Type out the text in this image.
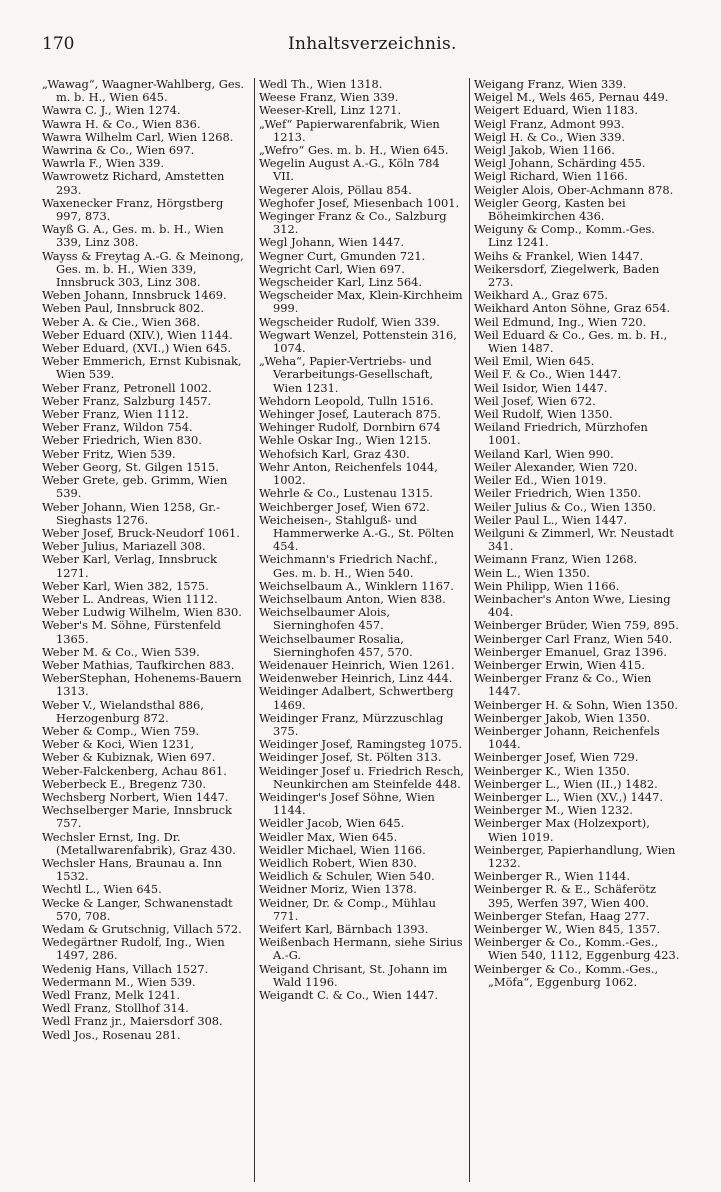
170	Inhaltsverzeichnis.
„Wawag“, Waagner-Wahlberg, Ges. m. b. H., Wien 645.
Wawra C. J., Wien 1274.
Wawra H. & Co., Wien 836.
Wawra Wilhelm Carl, Wien 1268.
Wawrina & Co., Wien 697.
Wawrla F., Wien 339.
Wawrowetz Richard, Amstetten 293.
Waxenecker Franz, Hörgstberg 997, 873.
Wayß G. A., Ges. m. b. H., Wien 339, Linz 308.
Wayss & Freytag A.-G. & Meinong, Ges. m. b. H., Wien 339, Innsbruck 303, Linz 308.
Weben Johann, Innsbruck 1469.
Weben Paul, Innsbruck 802.
Weber A. & Cie., Wien 368.
Weber Eduard (XIV.), Wien 1144.
Weber Eduard, (XVI.,) Wien 645.
Weber Emmerich, Ernst Kubisnak, Wien 539.
Weber Franz, Petronell 1002.
Weber Franz, Salzburg 1457.
Weber Franz, Wien 1112.
Weber Franz, Wildon 754.
Weber Friedrich, Wien 830.
Weber Fritz, Wien 539.
Weber Georg, St. Gilgen 1515.
Weber Grete, geb. Grimm, Wien 539.
Weber Johann, Wien 1258, Gr.-Sieghasts 1276.
Weber Josef, Bruck-Neudorf 1061.
Weber Julius, Mariazell 308.
Weber Karl, Verlag, Innsbruck 1271.
Weber Karl, Wien 382, 1575.
Weber L. Andreas, Wien 1112.
Weber Ludwig Wilhelm, Wien 830.
Weber's M. Söhne, Fürstenfeld 1365.
Weber M. & Co., Wien 539.
Weber Mathias, Taufkirchen 883.
WeberStephan, Hohenems-Bauern 1313.
Weber V., Wielandsthal 886, Herzogenburg 872.
Weber & Comp., Wien 759.
Weber & Koci, Wien 1231,
Weber & Kubiznak, Wien 697.
Weber-Falckenberg, Achau 861.
Weberbeck E., Bregenz 730.
Wechsberg Norbert, Wien 1447.
Wechselberger Marie, Innsbruck 757.
Wechsler Ernst, Ing. Dr. (Metallwarenfabrik), Graz 430.
Wechsler Hans, Braunau a. Inn 1532.
Wechtl L., Wien 645.
Wecke & Langer, Schwanenstadt 570, 708.
Wedam & Grutschnig, Villach 572.
Wedegärtner Rudolf, Ing., Wien 1497, 286.
Wedenig Hans, Villach 1527.
Wedermann M., Wien 539.
Wedl Franz, Melk 1241.
Wedl Franz, Stollhof 314.
Wedl Franz jr., Maiersdorf 308.
Wedl Jos., Rosenau 281.
Wedl Th., Wien 1318.
Weese Franz, Wien 339.
Weeser-Krell, Linz 1271.
„Wef“ Papierwarenfabrik, Wien 1213.
„Wefro“ Ges. m. b. H., Wien 645.
Wegelin August A.-G., Köln 784 VII.
Wegerer Alois, Pöllau 854.
Weghofer Josef, Miesenbach 1001.
Weginger Franz & Co., Salzburg 312.
Wegl Johann, Wien 1447.
Wegner Curt, Gmunden 721.
Wegricht Carl, Wien 697.
Wegscheider Karl, Linz 564.
Wegscheider Max, Klein-Kirchheim 999.
Wegscheider Rudolf, Wien 339.
Wegwart Wenzel, Pottenstein 316, 1074.
„Weha“, Papier-Vertriebs- und Verarbeitungs-Gesellschaft, Wien 1231.
Wehdorn Leopold, Tulln 1516.
Wehinger Josef, Lauterach 875.
Wehinger Rudolf, Dornbirn 674
Wehle Oskar Ing., Wien 1215.
Wehofsich Karl, Graz 430.
Wehr Anton, Reichenfels 1044, 1002.
Wehrle & Co., Lustenau 1315.
Weichberger Josef, Wien 672.
Weicheisen-, Stahlguß- und Hammerwerke A.-G., St. Pölten 454.
Weichmann's Friedrich Nachf., Ges. m. b. H., Wien 540.
Weichselbaum A., Winklern 1167.
Weichselbaum Anton, Wien 838.
Weichselbaumer Alois, Sierninghofen 457.
Weichselbaumer Rosalia, Sierninghofen 457, 570.
Weidenauer Heinrich, Wien 1261.
Weidenweber Heinrich, Linz 444.
Weidinger Adalbert, Schwertberg 1469.
Weidinger Franz, Mürzzuschlag 375.
Weidinger Josef, Ramingsteg 1075.
Weidinger Josef, St. Pölten 313.
Weidinger Josef u. Friedrich Resch, Neunkirchen am Steinfelde 448.
Weidinger's Josef Söhne, Wien 1144.
Weidler Jacob, Wien 645.
Weidler Max, Wien 645.
Weidler Michael, Wien 1166.
Weidlich Robert, Wien 830.
Weidlich & Schuler, Wien 540.
Weidner Moriz, Wien 1378.
Weidner, Dr. & Comp., Mühlau 771.
Weifert Karl, Bärnbach 1393.
Weißenbach Hermann, siehe Sirius A.-G.
Weigand Chrisant, St. Johann im Wald 1196.
Weigandt C. & Co., Wien 1447.
Weigang Franz, Wien 339.
Weigel M., Wels 465, Pernau 449.
Weigert Eduard, Wien 1183.
Weigl Franz, Admont 993.
Weigl H. & Co., Wien 339.
Weigl Jakob, Wien 1166.
Weigl Johann, Schärding 455.
Weigl Richard, Wien 1166.
Weigler Alois, Ober-Achmann 878.
Weigler Georg, Kasten bei Böheimkirchen 436.
Weiguny & Comp., Komm.-Ges. Linz 1241.
Weihs & Frankel, Wien 1447.
Weikersdorf, Ziegelwerk, Baden 273.
Weikhard A., Graz 675.
Weikhard Anton Söhne, Graz 654.
Weil Edmund, Ing., Wien 720.
Weil Eduard & Co., Ges. m. b. H., Wien 1487.
Weil Emil, Wien 645.
Weil F. & Co., Wien 1447.
Weil Isidor, Wien 1447.
Weil Josef, Wien 672.
Weil Rudolf, Wien 1350.
Weiland Friedrich, Mürzhofen 1001.
Weiland Karl, Wien 990.
Weiler Alexander, Wien 720.
Weiler Ed., Wien 1019.
Weiler Friedrich, Wien 1350.
Weiler Julius & Co., Wien 1350.
Weiler Paul L., Wien 1447.
Weilguni & Zimmerl, Wr. Neustadt 341.
Weimann Franz, Wien 1268.
Wein L., Wien 1350.
Wein Philipp, Wien 1166.
Weinbacher's Anton Wwe, Liesing 404.
Weinberger Brüder, Wien 759, 895.
Weinberger Carl Franz, Wien 540.
Weinberger Emanuel, Graz 1396.
Weinberger Erwin, Wien 415.
Weinberger Franz & Co., Wien 1447.
Weinberger H. & Sohn, Wien 1350.
Weinberger Jakob, Wien 1350.
Weinberger Johann, Reichenfels 1044.
Weinberger Josef, Wien 729.
Weinberger K., Wien 1350.
Weinberger L., Wien (II.,) 1482.
Weinberger L., Wien (XV.,) 1447.
Weinberger M., Wien 1232.
Weinberger Max (Holzexport), Wien 1019.
Weinberger, Papierhandlung, Wien 1232.
Weinberger R., Wien 1144.
Weinberger R. & E., Schäferötz 395, Werfen 397, Wien 400.
Weinberger Stefan, Haag 277.
Weinberger W., Wien 845, 1357.
Weinberger & Co., Komm.-Ges., Wien 540, 1112, Eggenburg 423.
Weinberger & Co., Komm.-Ges., „Möfa“, Eggenburg 1062.
